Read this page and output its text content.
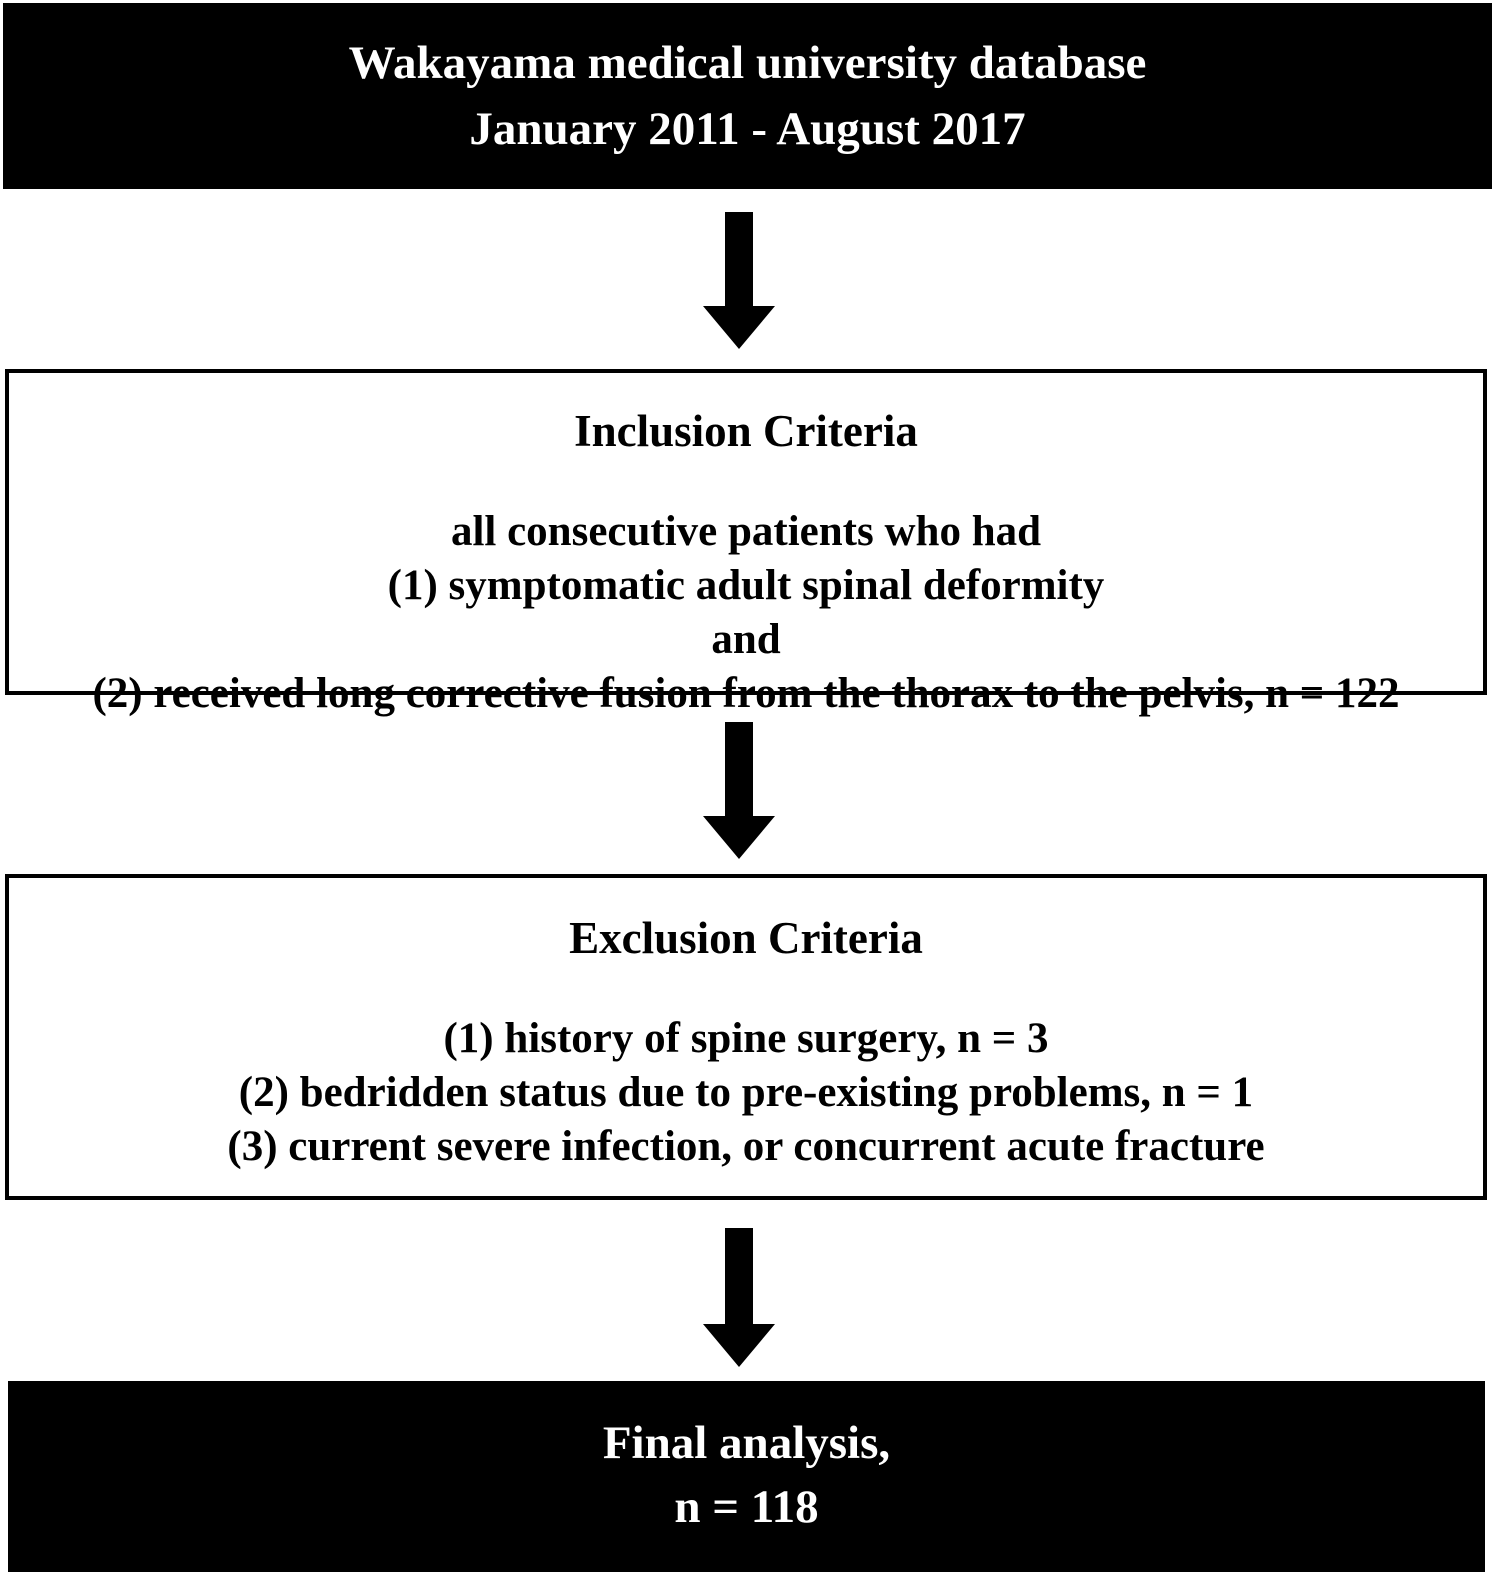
Wakayama medical university database
January 2011 - August 2017
Inclusion Criteria
all consecutive patients who had
(1) symptomatic adult spinal deformity
and
(2) received long corrective fusion from the thorax to the pelvis, n = 122
Exclusion Criteria
(1) history of spine surgery, n = 3
(2) bedridden status due to pre-existing problems, n = 1
(3) current severe infection, or concurrent acute fracture
Final analysis,
n = 118
